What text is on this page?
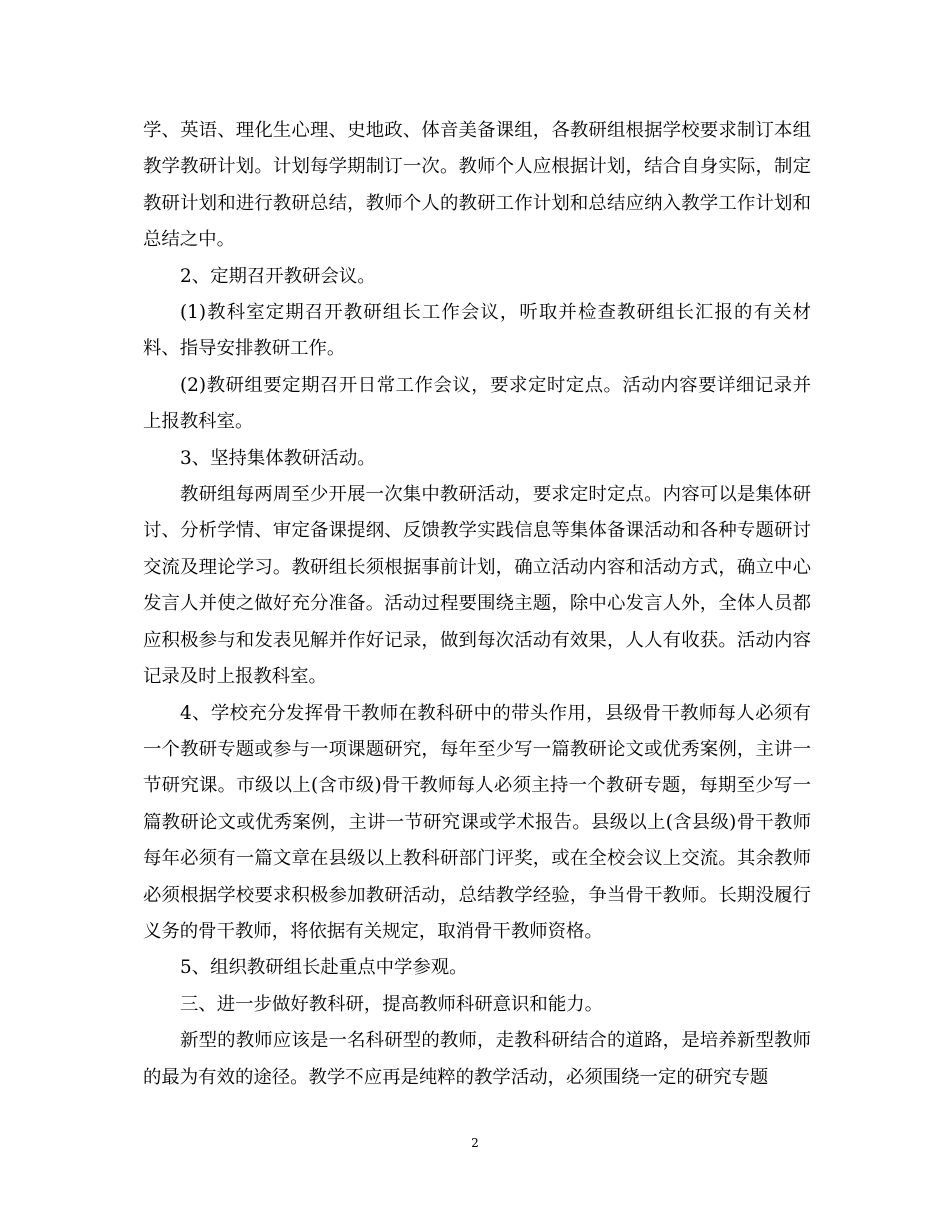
学、英语、理化生心理、史地政、体音美备课组，各教研组根据学校要求制订本组教学教研计划。计划每学期制订一次。教师个人应根据计划，结合自身实际，制定教研计划和进行教研总结，教师个人的教研工作计划和总结应纳入教学工作计划和总结之中。

2、定期召开教研会议。

(1)教科室定期召开教研组长工作会议，听取并检查教研组长汇报的有关材料、指导安排教研工作。

(2)教研组要定期召开日常工作会议，要求定时定点。活动内容要详细记录并上报教科室。

3、坚持集体教研活动。

教研组每两周至少开展一次集中教研活动，要求定时定点。内容可以是集体研讨、分析学情、审定备课提纲、反馈教学实践信息等集体备课活动和各种专题研讨交流及理论学习。教研组长须根据事前计划，确立活动内容和活动方式，确立中心发言人并使之做好充分准备。活动过程要围绕主题，除中心发言人外，全体人员都应积极参与和发表见解并作好记录，做到每次活动有效果，人人有收获。活动内容记录及时上报教科室。

4、学校充分发挥骨干教师在教科研中的带头作用，县级骨干教师每人必须有一个教研专题或参与一项课题研究，每年至少写一篇教研论文或优秀案例，主讲一节研究课。市级以上(含市级)骨干教师每人必须主持一个教研专题，每期至少写一篇教研论文或优秀案例，主讲一节研究课或学术报告。县级以上(含县级)骨干教师每年必须有一篇文章在县级以上教科研部门评奖，或在全校会议上交流。其余教师必须根据学校要求积极参加教研活动，总结教学经验，争当骨干教师。长期没履行义务的骨干教师，将依据有关规定，取消骨干教师资格。

5、组织教研组长赴重点中学参观。

三、进一步做好教科研，提高教师科研意识和能力。

新型的教师应该是一名科研型的教师，走教科研结合的道路，是培养新型教师的最为有效的途径。教学不应再是纯粹的教学活动，必须围绕一定的研究专题

2
